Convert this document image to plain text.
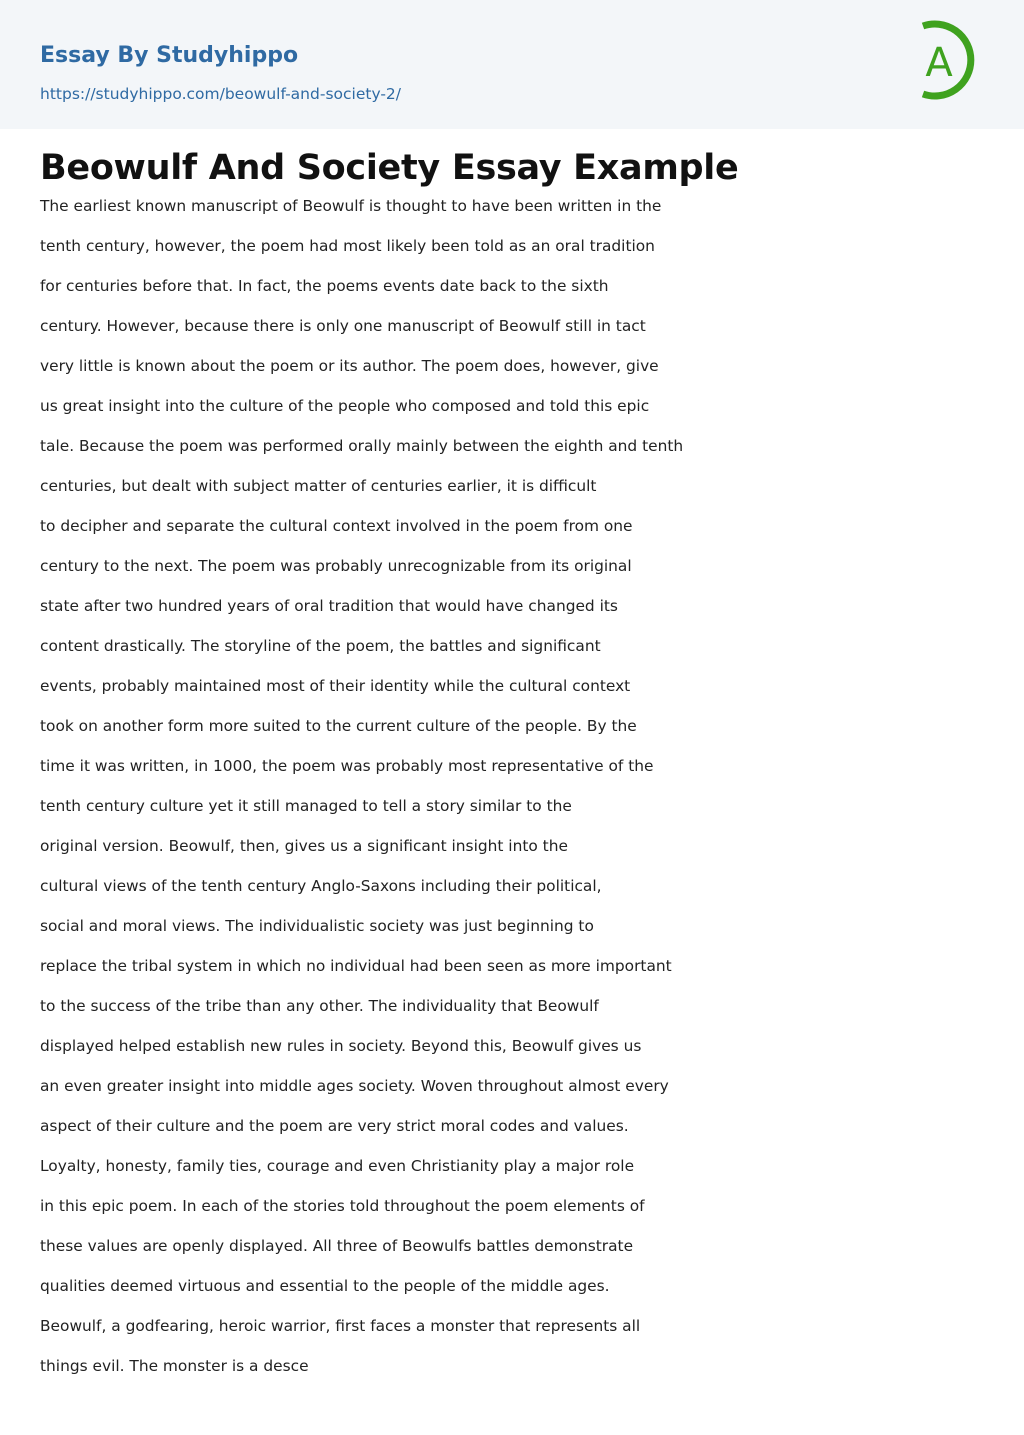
Essay By Studyhippo
https://studyhippo.com/beowulf-and-society-2/
A
Beowulf And Society Essay Example
The earliest known manuscript of Beowulf is thought to have been written in the
tenth century, however, the poem had most likely been told as an oral tradition
for centuries before that. In fact, the poems events date back to the sixth
century. However, because there is only one manuscript of Beowulf still in tact
very little is known about the poem or its author. The poem does, however, give
us great insight into the culture of the people who composed and told this epic
tale. Because the poem was performed orally mainly between the eighth and tenth
centuries, but dealt with subject matter of centuries earlier, it is difficult
to decipher and separate the cultural context involved in the poem from one
century to the next. The poem was probably unrecognizable from its original
state after two hundred years of oral tradition that would have changed its
content drastically. The storyline of the poem, the battles and significant
events, probably maintained most of their identity while the cultural context
took on another form more suited to the current culture of the people. By the
time it was written, in 1000, the poem was probably most representative of the
tenth century culture yet it still managed to tell a story similar to the
original version. Beowulf, then, gives us a significant insight into the
cultural views of the tenth century Anglo-Saxons including their political,
social and moral views. The individualistic society was just beginning to
replace the tribal system in which no individual had been seen as more important
to the success of the tribe than any other. The individuality that Beowulf
displayed helped establish new rules in society. Beyond this, Beowulf gives us
an even greater insight into middle ages society. Woven throughout almost every
aspect of their culture and the poem are very strict moral codes and values.
Loyalty, honesty, family ties, courage and even Christianity play a major role
in this epic poem. In each of the stories told throughout the poem elements of
these values are openly displayed. All three of Beowulfs battles demonstrate
qualities deemed virtuous and essential to the people of the middle ages.
Beowulf, a godfearing, heroic warrior, first faces a monster that represents all
things evil. The monster is a desce
